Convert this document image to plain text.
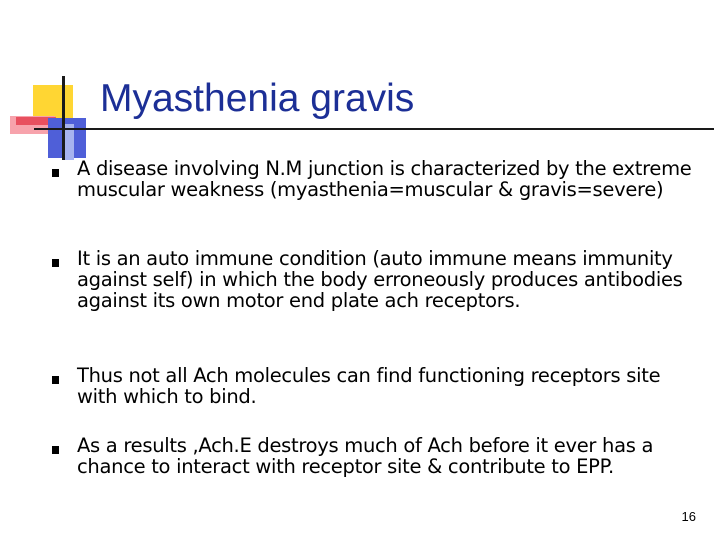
Myasthenia gravis
A disease involving N.M junction is characterized by the extreme muscular weakness (myasthenia=muscular & gravis=severe)
It is an auto immune condition (auto immune means immunity against self) in which the body erroneously produces antibodies against its own motor end plate ach receptors.
Thus not all Ach molecules can find functioning receptors site with which to bind.
As a results ,Ach.E destroys much of Ach before it ever has a chance to interact with receptor site & contribute to EPP.
16
